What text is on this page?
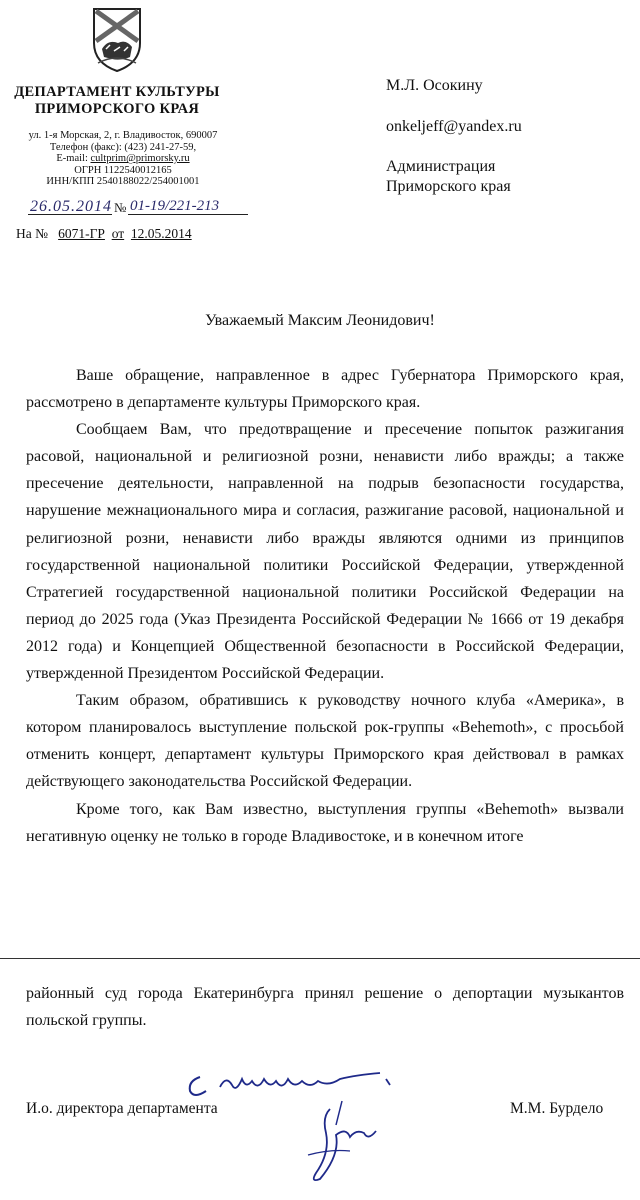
ДЕПАРТАМЕНТ КУЛЬТУРЫ
ПРИМОРСКОГО КРАЯ
ул. 1-я Морская, 2, г. Владивосток, 690007
Телефон (факс): (423) 241-27-59,
E-mail: cultprim@primorsky.ru
ОГРН 1122540012165
ИНН/КПП 2540188022/254001001
26.05.2014 № 01-19/221-213
На № 6071-ГР от 12.05.2014
М.Л. Осокину
onkeljeff@yandex.ru
Администрация Приморского края
Уважаемый Максим Леонидович!

Ваше обращение, направленное в адрес Губернатора Приморского края, рассмотрено в департаменте культуры Приморского края.

Сообщаем Вам, что предотвращение и пресечение попыток разжигания расовой, национальной и религиозной розни, ненависти либо вражды; а также пресечение деятельности, направленной на подрыв безопасности государства, нарушение межнационального мира и согласия, разжигание расовой, национальной и религиозной розни, ненависти либо вражды являются одними из принципов государственной национальной политики Российской Федерации, утвержденной Стратегией государственной национальной политики Российской Федерации на период до 2025 года (Указ Президента Российской Федерации № 1666 от 19 декабря 2012 года) и Концепцией Общественной безопасности в Российской Федерации, утвержденной Президентом Российской Федерации.

Таким образом, обратившись к руководству ночного клуба «Америка», в котором планировалось выступление польской рок-группы «Behemoth», с просьбой отменить концерт, департамент культуры Приморского края действовал в рамках действующего законодательства Российской Федерации.

Кроме того, как Вам известно, выступления группы «Behemoth» вызвали негативную оценку не только в городе Владивостоке, и в конечном итоге

районный суд города Екатеринбурга принял решение о депортации музыкантов польской группы.

И.о. директора департамента	М.М. Бурдело
